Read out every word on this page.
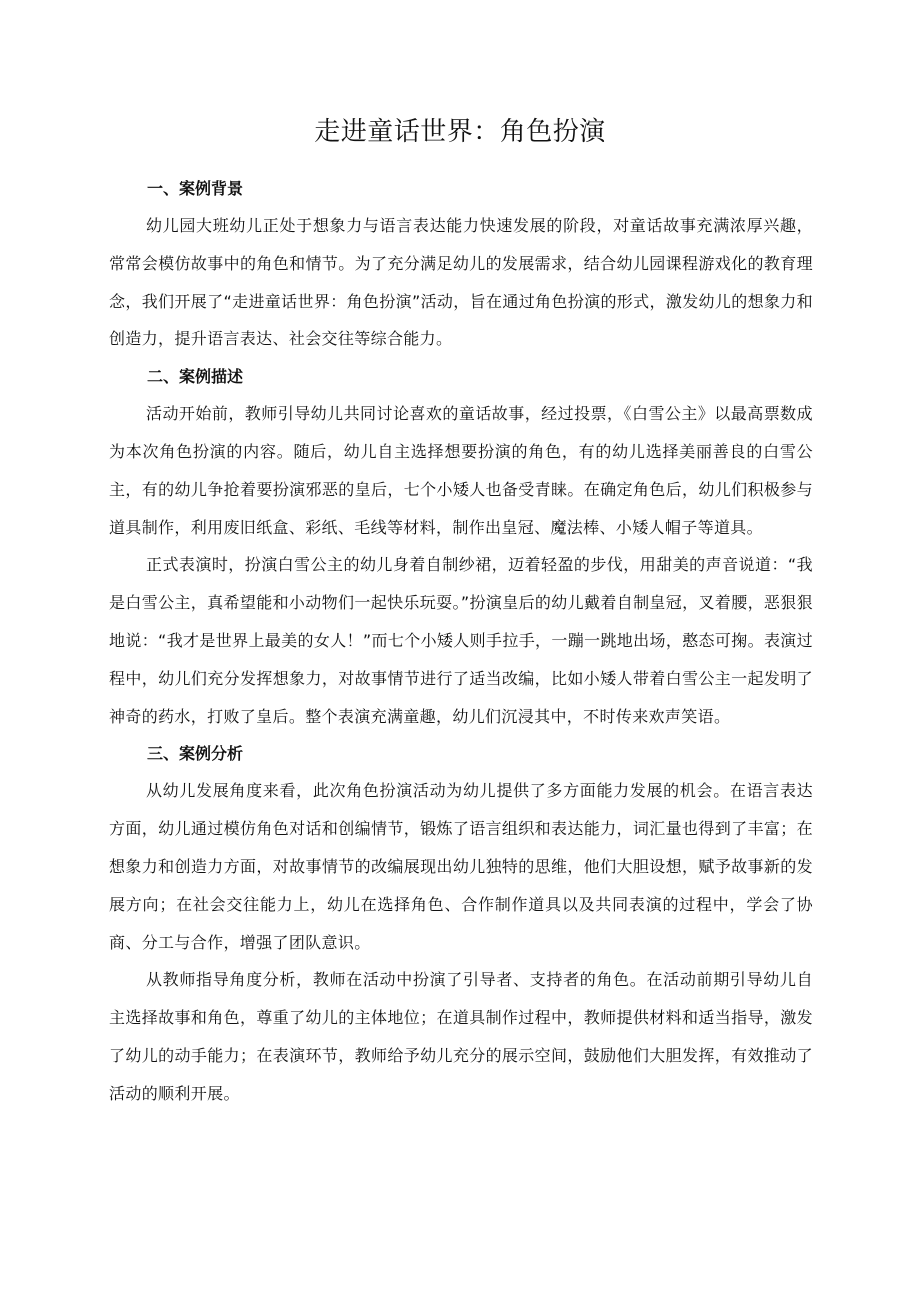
走进童话世界：角色扮演
一、案例背景

幼儿园大班幼儿正处于想象力与语言表达能力快速发展的阶段，对童话故事充满浓厚兴趣，常常会模仿故事中的角色和情节。为了充分满足幼儿的发展需求，结合幼儿园课程游戏化的教育理念，我们开展了“走进童话世界：角色扮演”活动，旨在通过角色扮演的形式，激发幼儿的想象力和创造力，提升语言表达、社会交往等综合能力。

二、案例描述

活动开始前，教师引导幼儿共同讨论喜欢的童话故事，经过投票，《白雪公主》以最高票数成为本次角色扮演的内容。随后，幼儿自主选择想要扮演的角色，有的幼儿选择美丽善良的白雪公主，有的幼儿争抢着要扮演邪恶的皇后，七个小矮人也备受青睐。在确定角色后，幼儿们积极参与道具制作，利用废旧纸盒、彩纸、毛线等材料，制作出皇冠、魔法棒、小矮人帽子等道具。

正式表演时，扮演白雪公主的幼儿身着自制纱裙，迈着轻盈的步伐，用甜美的声音说道：“我是白雪公主，真希望能和小动物们一起快乐玩耍。”扮演皇后的幼儿戴着自制皇冠，叉着腰，恶狠狠地说：“我才是世界上最美的女人！”而七个小矮人则手拉手，一蹦一跳地出场，憨态可掬。表演过程中，幼儿们充分发挥想象力，对故事情节进行了适当改编，比如小矮人带着白雪公主一起发明了神奇的药水，打败了皇后。整个表演充满童趣，幼儿们沉浸其中，不时传来欢声笑语。

三、案例分析

从幼儿发展角度来看，此次角色扮演活动为幼儿提供了多方面能力发展的机会。在语言表达方面，幼儿通过模仿角色对话和创编情节，锻炼了语言组织和表达能力，词汇量也得到了丰富；在想象力和创造力方面，对故事情节的改编展现出幼儿独特的思维，他们大胆设想，赋予故事新的发展方向；在社会交往能力上，幼儿在选择角色、合作制作道具以及共同表演的过程中，学会了协商、分工与合作，增强了团队意识。

从教师指导角度分析，教师在活动中扮演了引导者、支持者的角色。在活动前期引导幼儿自主选择故事和角色，尊重了幼儿的主体地位；在道具制作过程中，教师提供材料和适当指导，激发了幼儿的动手能力；在表演环节，教师给予幼儿充分的展示空间，鼓励他们大胆发挥，有效推动了活动的顺利开展。
